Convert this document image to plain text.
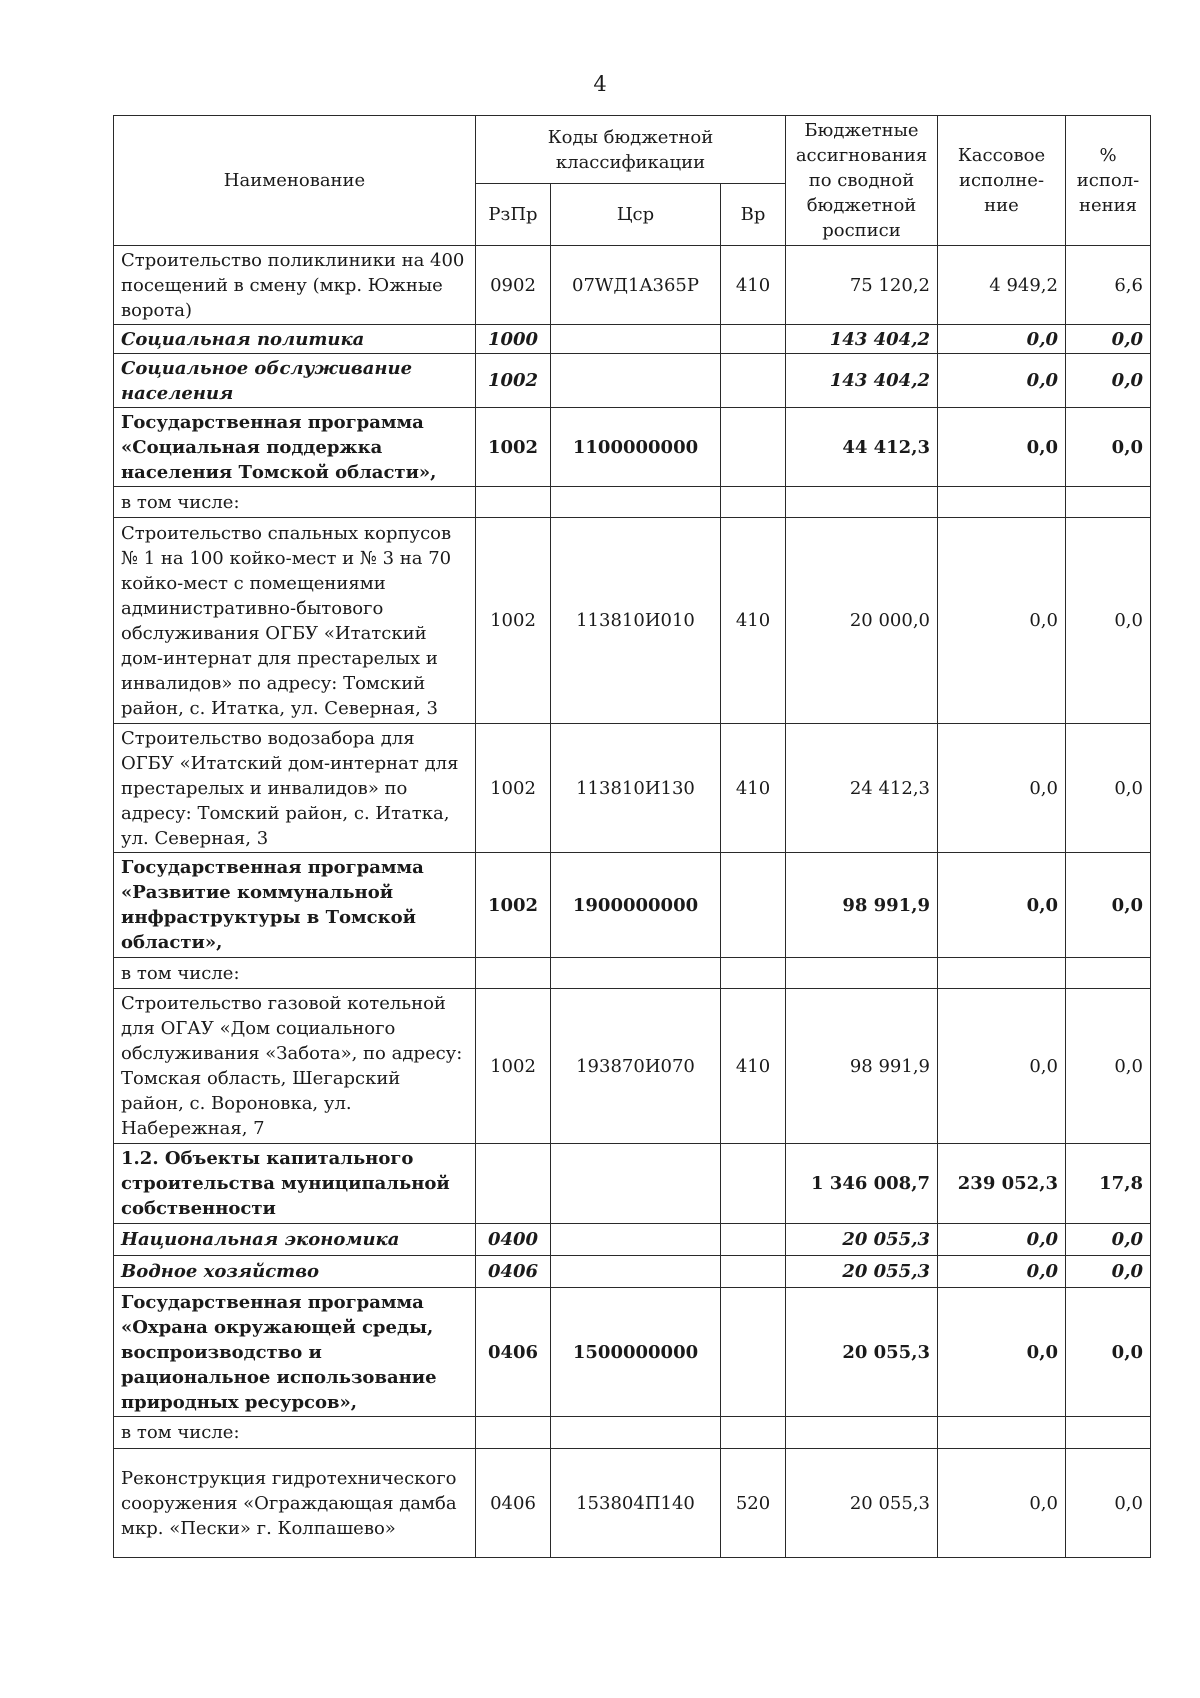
4
Наименование	Коды бюджетной классификации			Бюджетные ассигнования по сводной бюджетной росписи	Кассовое исполне-ние	% испол-нения
	РзПр	Цср	Вр			
Строительство поликлиники на 400 посещений в смену (мкр. Южные ворота)	0902	07WД1A365P	410	75 120,2	4 949,2	6,6
Социальная политика	1000			143 404,2	0,0	0,0
Социальное обслуживание населения	1002			143 404,2	0,0	0,0
Государственная программа «Социальная поддержка населения Томской области»,	1002	1100000000		44 412,3	0,0	0,0
в том числе:						
Строительство спальных корпусов № 1 на 100 койко-мест и № 3 на 70 койко-мест с помещениями административно-бытового обслуживания ОГБУ «Итатский дом-интернат для престарелых и инвалидов» по адресу: Томский район, с. Итатка, ул. Северная, 3	1002	113810И010	410	20 000,0	0,0	0,0
Строительство водозабора для ОГБУ «Итатский дом-интернат для престарелых и инвалидов» по адресу: Томский район, с. Итатка, ул. Северная, 3	1002	113810И130	410	24 412,3	0,0	0,0
Государственная программа «Развитие коммунальной инфраструктуры в Томской области»,	1002	1900000000		98 991,9	0,0	0,0
в том числе:						
Строительство газовой котельной для ОГАУ «Дом социального обслуживания «Забота», по адресу: Томская область, Шегарский район, с. Вороновка, ул. Набережная, 7	1002	193870И070	410	98 991,9	0,0	0,0
1.2. Объекты капитального строительства муниципальной собственности				1 346 008,7	239 052,3	17,8
Национальная экономика	0400			20 055,3	0,0	0,0
Водное хозяйство	0406			20 055,3	0,0	0,0
Государственная программа «Охрана окружающей среды, воспроизводство и рациональное использование природных ресурсов»,	0406	1500000000		20 055,3	0,0	0,0
в том числе:						
Реконструкция гидротехнического сооружения «Ограждающая дамба мкр. «Пески» г. Колпашево»	0406	153804П140	520	20 055,3	0,0	0,0
